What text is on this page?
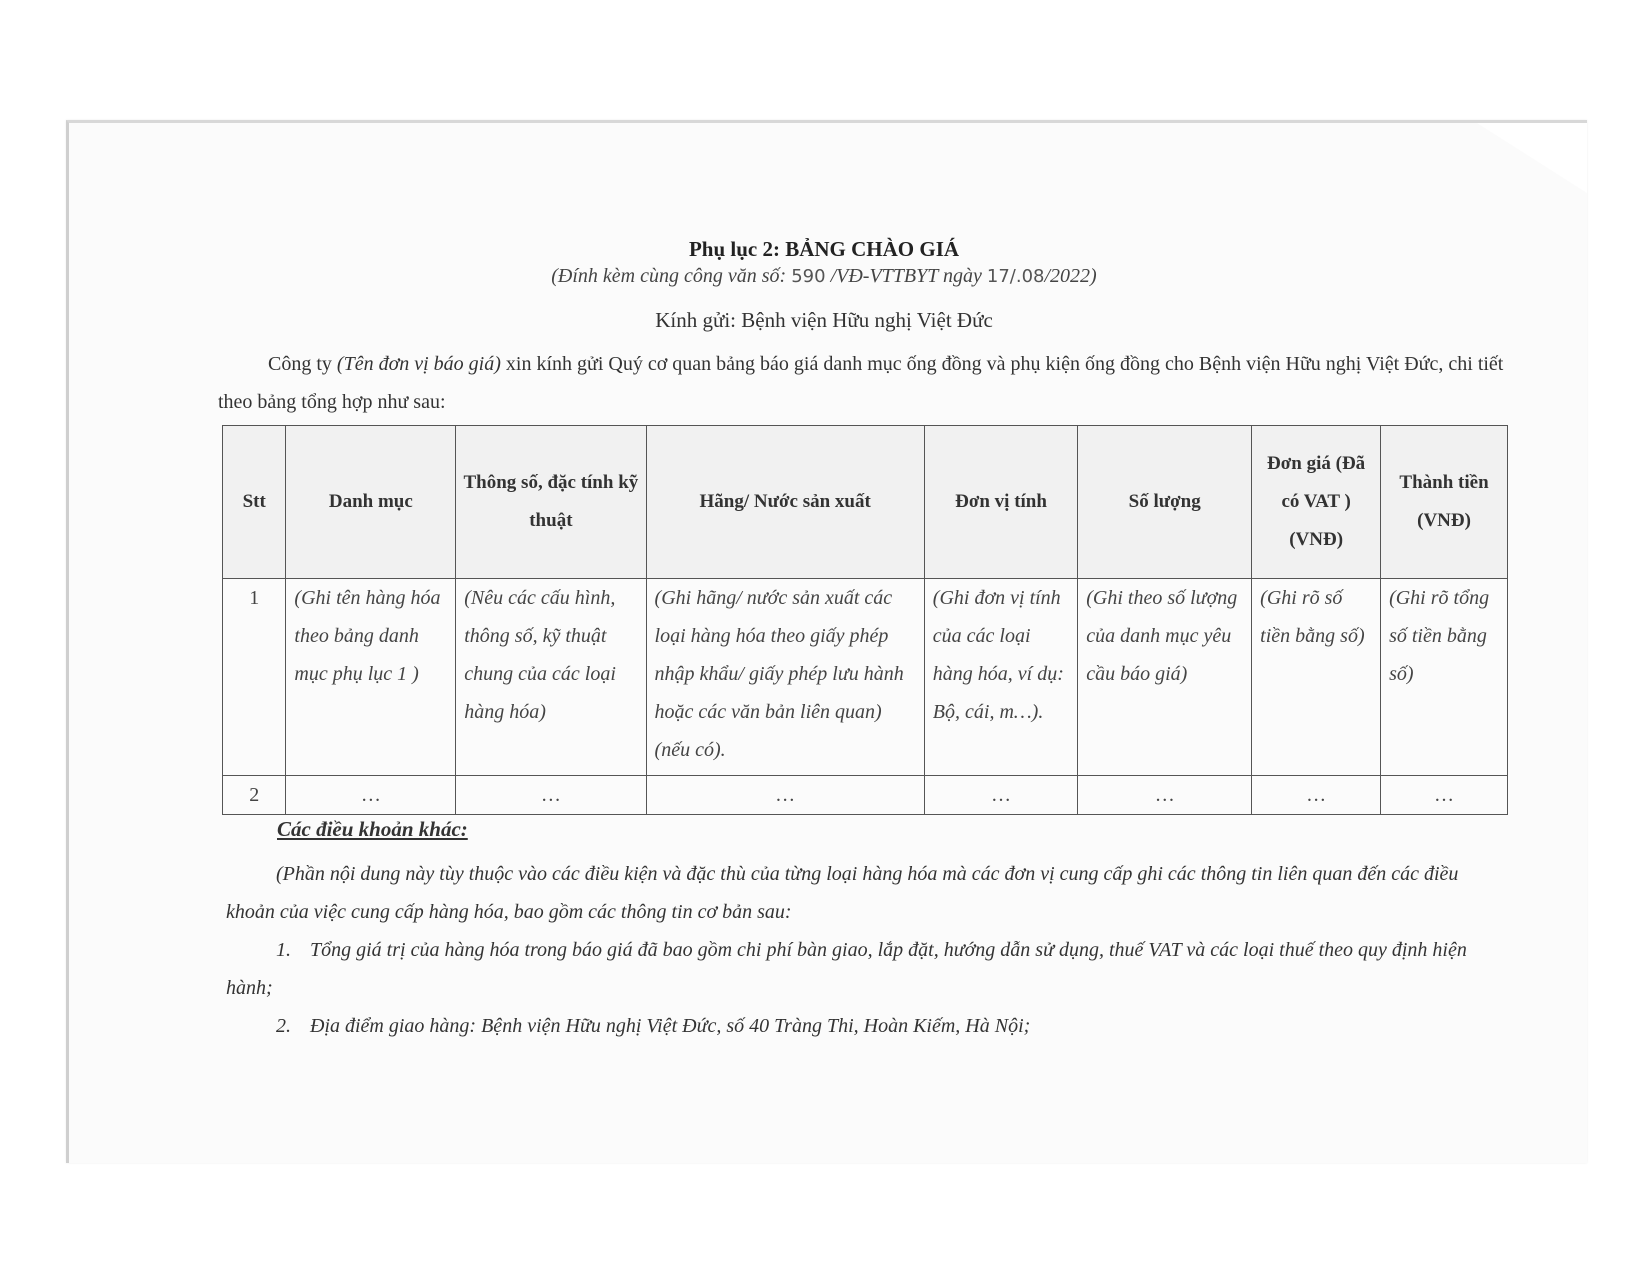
Phụ lục 2: BẢNG CHÀO GIÁ
(Đính kèm cùng công văn số: 590 /VĐ-VTTBYT ngày 17/.08/2022)
Kính gửi: Bệnh viện Hữu nghị Việt Đức
Công ty (Tên đơn vị báo giá) xin kính gửi Quý cơ quan bảng báo giá danh mục ống đồng và phụ kiện ống đồng cho Bệnh viện Hữu nghị Việt Đức, chi tiết theo bảng tổng hợp như sau:
Stt	Danh mục	Thông số, đặc tính kỹ thuật	Hãng/ Nước sản xuất	Đơn vị tính	Số lượng	Đơn giá (Đã có VAT ) (VNĐ)	Thành tiền (VNĐ)
1	(Ghi tên hàng hóa theo bảng danh mục phụ lục 1 )	(Nêu các cấu hình, thông số, kỹ thuật chung của các loại hàng hóa)	(Ghi hãng/ nước sản xuất các loại hàng hóa theo giấy phép nhập khẩu/ giấy phép lưu hành hoặc các văn bản liên quan)(nếu có).	(Ghi đơn vị tính của các loại hàng hóa, ví dụ: Bộ, cái, m…).	(Ghi theo số lượng của danh mục yêu cầu báo giá)	(Ghi rõ số tiền bằng số)	(Ghi rõ tổng số tiền bằng số)
2	…	…	…	…	…	…	…
Các điều khoản khác:

(Phần nội dung này tùy thuộc vào các điều kiện và đặc thù của từng loại hàng hóa mà các đơn vị cung cấp ghi các thông tin liên quan đến các điều khoản của việc cung cấp hàng hóa, bao gồm các thông tin cơ bản sau:

1. Tổng giá trị của hàng hóa trong báo giá đã bao gồm chi phí bàn giao, lắp đặt, hướng dẫn sử dụng, thuế VAT và các loại thuế theo quy định hiện hành;

2. Địa điểm giao hàng: Bệnh viện Hữu nghị Việt Đức, số 40 Tràng Thi, Hoàn Kiếm, Hà Nội;
